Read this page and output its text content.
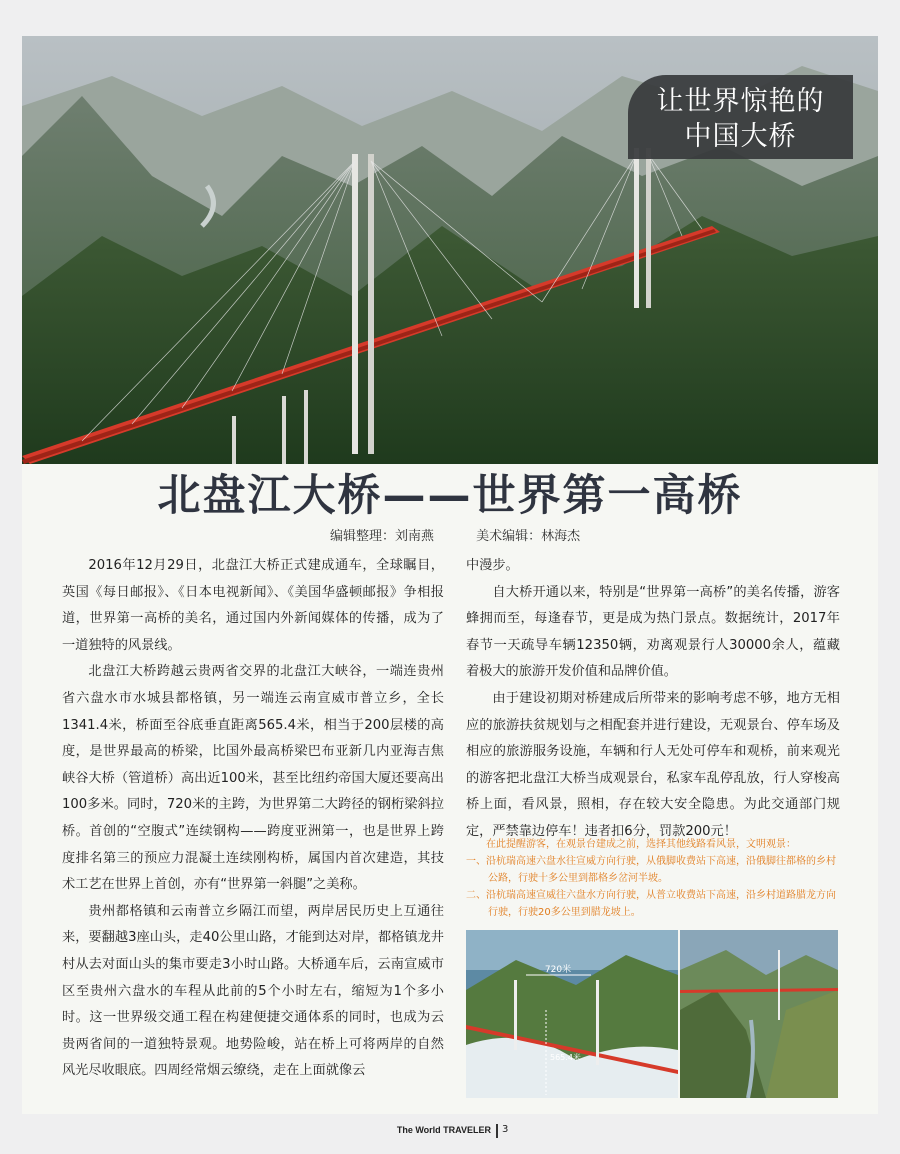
让世界惊艳的
中国大桥
北盘江大桥——世界第一高桥
编辑整理：刘南燕	美术编辑：林海杰

2016年12月29日，北盘江大桥正式建成通车，全球瞩目，英国《每日邮报》、《日本电视新闻》、《美国华盛顿邮报》争相报道，世界第一高桥的美名，通过国内外新闻媒体的传播，成为了一道独特的风景线。

北盘江大桥跨越云贵两省交界的北盘江大峡谷，一端连贵州省六盘水市水城县都格镇，另一端连云南宣威市普立乡，全长1341.4米，桥面至谷底垂直距离565.4米，相当于200层楼的高度，是世界最高的桥梁，比国外最高桥梁巴布亚新几内亚海吉焦峡谷大桥（管道桥）高出近100米，甚至比纽约帝国大厦还要高出100多米。同时，720米的主跨，为世界第二大跨径的钢桁梁斜拉桥。首创的“空腹式”连续钢构——跨度亚洲第一，也是世界上跨度排名第三的预应力混凝土连续刚构桥，属国内首次建造，其技术工艺在世界上首创，亦有“世界第一斜腿”之美称。

贵州都格镇和云南普立乡隔江而望，两岸居民历史上互通往来，要翻越3座山头，走40公里山路，才能到达对岸，都格镇龙井村从去对面山头的集市要走3小时山路。大桥通车后，云南宣威市区至贵州六盘水的车程从此前的5个小时左右，缩短为1个多小时。这一世界级交通工程在构建便捷交通体系的同时，也成为云贵两省间的一道独特景观。地势险峻，站在桥上可将两岸的自然风光尽收眼底。四周经常烟云缭绕，走在上面就像云

中漫步。

自大桥开通以来，特别是“世界第一高桥”的美名传播，游客蜂拥而至，每逢春节，更是成为热门景点。数据统计，2017年春节一天疏导车辆12350辆，劝离观景行人30000余人，蕴藏着极大的旅游开发价值和品牌价值。

由于建设初期对桥建成后所带来的影响考虑不够，地方无相应的旅游扶贫规划与之相配套并进行建设，无观景台、停车场及相应的旅游服务设施，车辆和行人无处可停车和观桥，前来观光的游客把北盘江大桥当成观景台，私家车乱停乱放，行人穿梭高桥上面，看风景，照相，存在较大安全隐患。为此交通部门规定，严禁靠边停车！违者扣6分，罚款200元！

在此提醒游客，在观景台建成之前，选择其他线路看风景，文明观景：
一、沿杭瑞高速六盘水往宣威方向行驶，从俄脚收费站下高速，沿俄脚往都格的乡村公路，行驶十多公里到都格乡岔河半坡。
二、沿杭瑞高速宣威往六盘水方向行驶，从普立收费站下高速，沿乡村道路腊龙方向行驶，行驶20多公里到腊龙坡上。
720米
565.4米
The World TRAVELER 3
